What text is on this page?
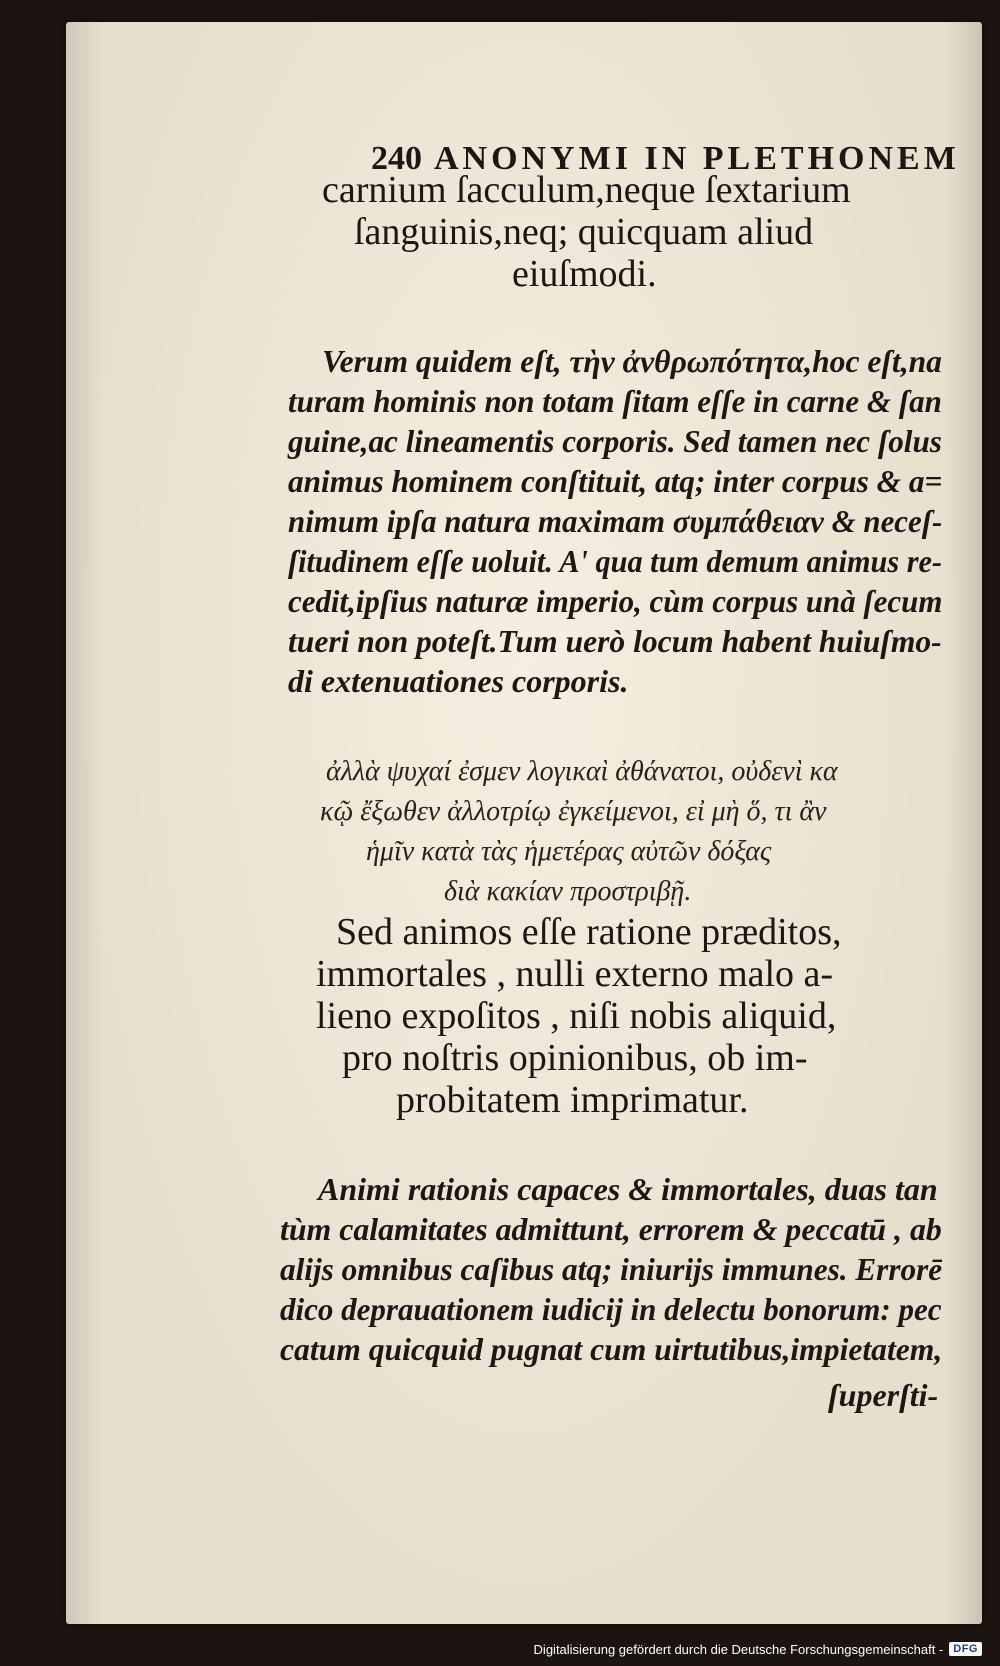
240 ANONYMI IN PLETHONEM
carnium ſacculum,neque ſextarium
ſanguinis,neq; quicquam aliud
eiuſmodi.
Verum quidem eſt, τὴν ἀνθρωπότητα,hoc eſt,na
turam hominis non totam ſitam eſſe in carne & ſan
guine,ac lineamentis corporis. Sed tamen nec ſolus
animus hominem conſtituit, atq; inter corpus & a=
nimum ipſa natura maximam συμπάθειαν & neceſ-
ſitudinem eſſe uoluit. A' qua tum demum animus re-
cedit,ipſius naturæ imperio, cùm corpus unà ſecum
tueri non poteſt.Tum uerò locum habent huiuſmo-
di extenuationes corporis.
ἀλλὰ ψυχαί ἐσμεν λογικαὶ ἀθάνατοι, οὐδενὶ κα
κῷ ἔξωθεν ἀλλοτρίῳ ἐγκείμενοι, εἰ μὴ ὅ, τι ἂν
ἡμῖν κατὰ τὰς ἡμετέρας αὐτῶν δόξας
διὰ κακίαν προστριβῇ.
Sed animos eſſe ratione præditos,
immortales , nulli externo malo a-
lieno expoſitos , niſi nobis aliquid,
pro noſtris opinionibus, ob im-
probitatem imprimatur.
Animi rationis capaces & immortales, duas tan
tùm calamitates admittunt, errorem & peccatū , ab
alijs omnibus caſibus atq; iniurijs immunes. Errorē
dico deprauationem iudicij in delectu bonorum: pec
catum quicquid pugnat cum uirtutibus,impietatem,
ſuperſti-
Digitalisierung gefördert durch die Deutsche Forschungsgemeinschaft - DFG
